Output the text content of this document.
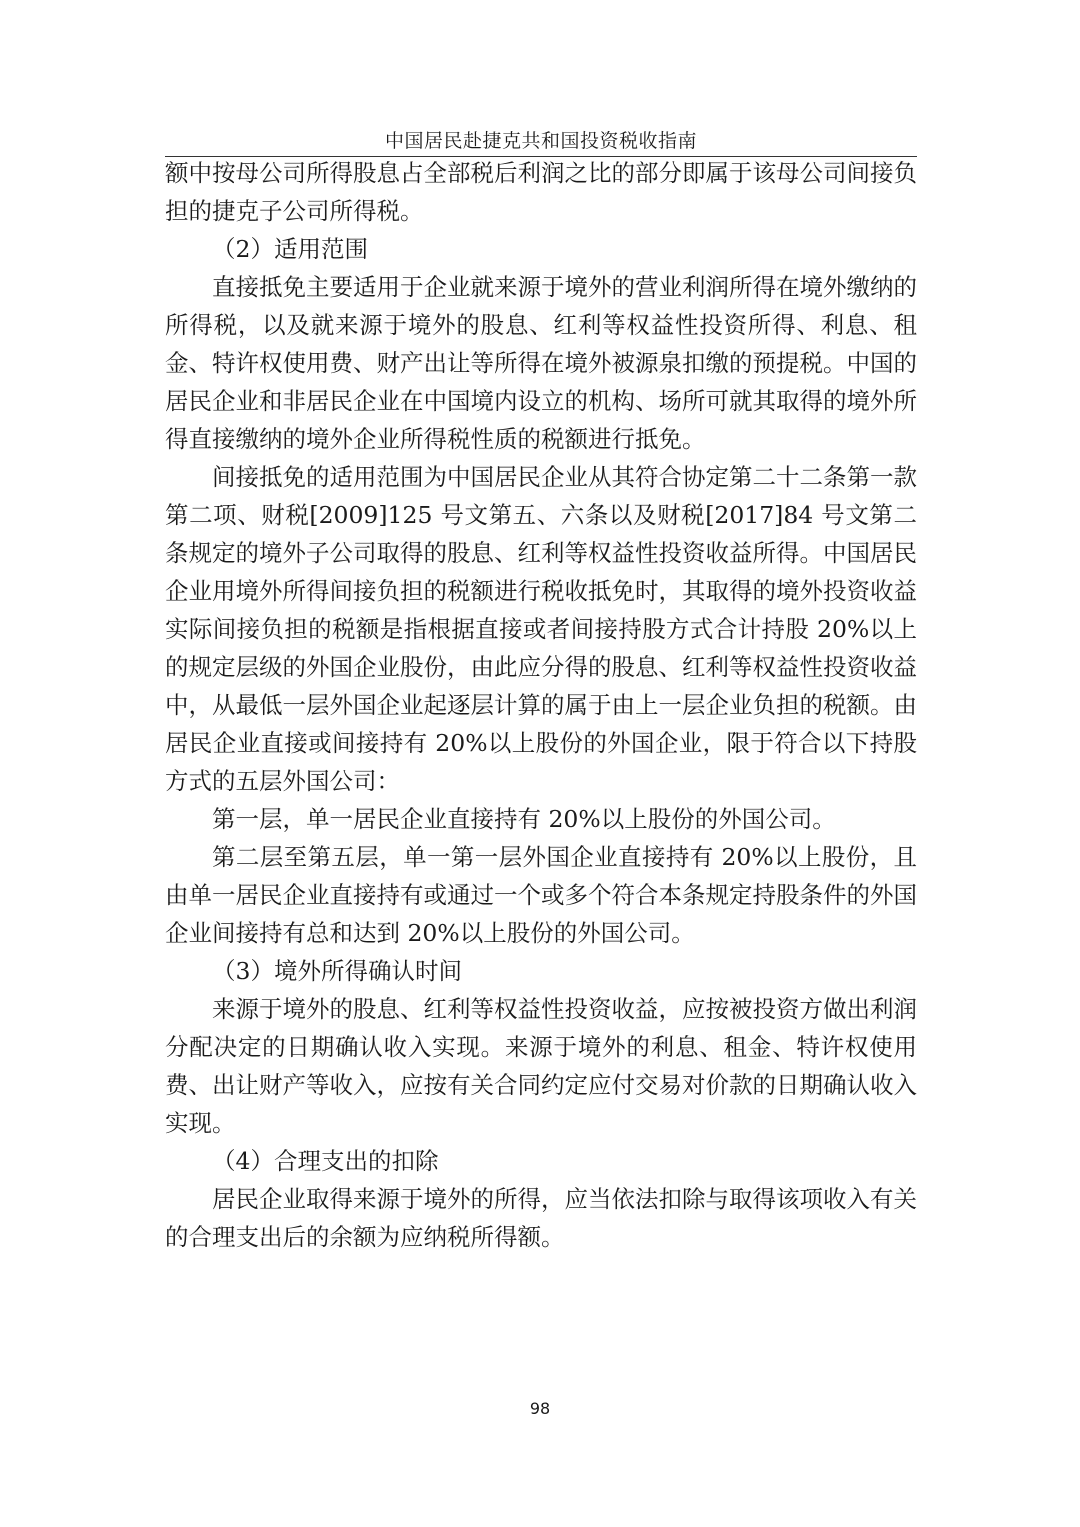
中国居民赴捷克共和国投资税收指南

额中按母公司所得股息占全部税后利润之比的部分即属于该母公司间接负担的捷克子公司所得税。

（2）适用范围

直接抵免主要适用于企业就来源于境外的营业利润所得在境外缴纳的所得税，以及就来源于境外的股息、红利等权益性投资所得、利息、租金、特许权使用费、财产出让等所得在境外被源泉扣缴的预提税。中国的居民企业和非居民企业在中国境内设立的机构、场所可就其取得的境外所得直接缴纳的境外企业所得税性质的税额进行抵免。

间接抵免的适用范围为中国居民企业从其符合协定第二十二条第一款第二项、财税[2009]125 号文第五、六条以及财税[2017]84 号文第二条规定的境外子公司取得的股息、红利等权益性投资收益所得。中国居民企业用境外所得间接负担的税额进行税收抵免时，其取得的境外投资收益实际间接负担的税额是指根据直接或者间接持股方式合计持股 20%以上的规定层级的外国企业股份，由此应分得的股息、红利等权益性投资收益中，从最低一层外国企业起逐层计算的属于由上一层企业负担的税额。由居民企业直接或间接持有 20%以上股份的外国企业，限于符合以下持股方式的五层外国公司：

第一层，单一居民企业直接持有 20%以上股份的外国公司。

第二层至第五层，单一第一层外国企业直接持有 20%以上股份，且由单一居民企业直接持有或通过一个或多个符合本条规定持股条件的外国企业间接持有总和达到 20%以上股份的外国公司。

（3）境外所得确认时间

来源于境外的股息、红利等权益性投资收益，应按被投资方做出利润分配决定的日期确认收入实现。来源于境外的利息、租金、特许权使用费、出让财产等收入，应按有关合同约定应付交易对价款的日期确认收入实现。

（4）合理支出的扣除

居民企业取得来源于境外的所得，应当依法扣除与取得该项收入有关的合理支出后的余额为应纳税所得额。

98
